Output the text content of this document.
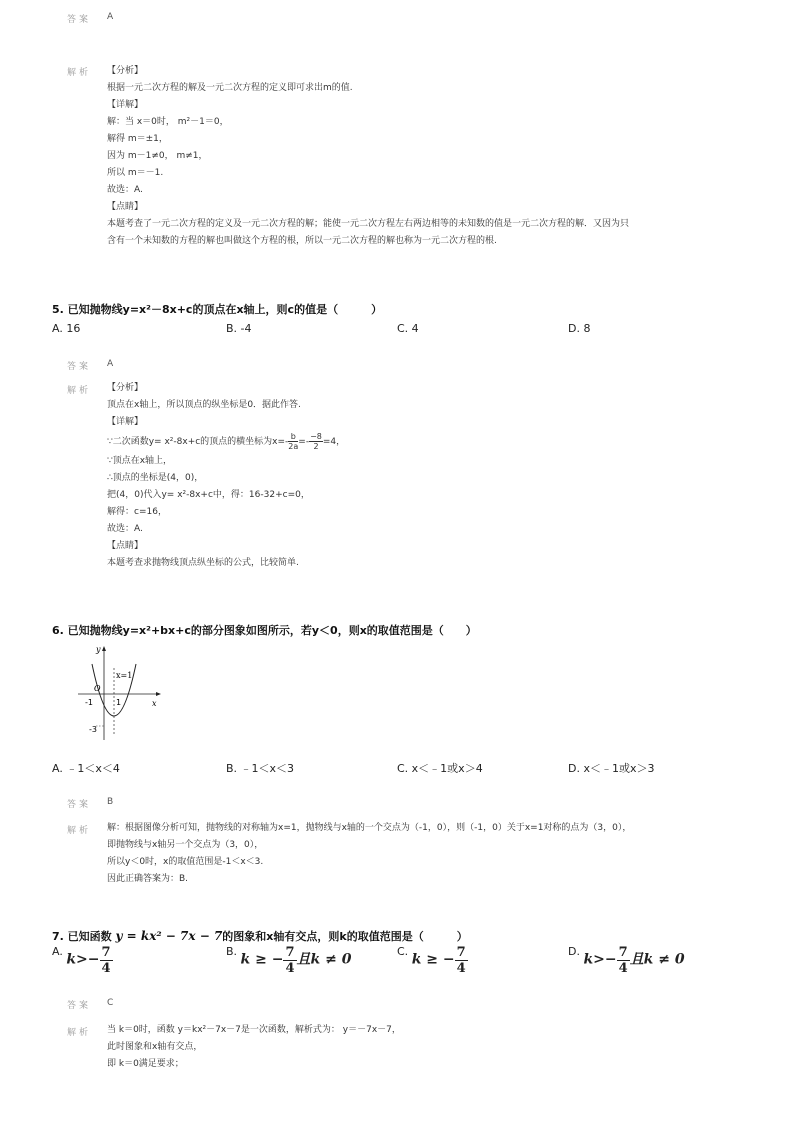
答案 A
解析 【分析】
根据一元二次方程的解及一元二次方程的定义即可求出m的值.
【详解】
解：当 x＝0时， m²－1＝0，
解得 m＝±1，
因为 m－1≠0， m≠1，
所以 m＝－1.
故选：A.
【点睛】
本题考查了一元二次方程的定义及一元二次方程的解；能使一元二次方程左右两边相等的未知数的值是一元二次方程的解．又因为只
含有一个未知数的方程的解也叫做这个方程的根，所以一元二次方程的解也称为一元二次方程的根.
5. 已知抛物线y=x²－8x+c的顶点在x轴上，则c的值是（　　　）
A. 16	B. -4	C. 4	D. 8
答案 A
解析 【分析】
顶点在x轴上，所以顶点的纵坐标是0．据此作答.
【详解】
∵二次函数y= x²-8x+c的顶点的横坐标为$x=- \frac{b}{2a} =- \frac{-8}{2} =4$，
∵顶点在x轴上，
∴顶点的坐标是(4，0)，
把(4，0)代入y= x²-8x+c中，得：16-32+c=0，
解得：c=16，
故选：A.
【点睛】
本题考查求抛物线顶点纵坐标的公式，比较简单.
6. 已知抛物线y=x²+bx+c的部分图象如图所示，若y＜0，则x的取值范围是（　　）
y
x
O
x=1
-1	1
-3
A. ﹣1＜x＜4	B. ﹣1＜x＜3	C. x＜﹣1或x＞4	D. x＜﹣1或x＞3
答案 B
解析 解：根据图像分析可知，抛物线的对称轴为x=1，抛物线与x轴的一个交点为（-1，0），则（-1，0）关于x=1对称的点为（3，0），
即抛物线与x轴另一个交点为（3，0），
所以y＜0时，x的取值范围是-1＜x＜3.
因此正确答案为：B.
7. 已知函数 y = kx² − 7x − 7的图象和x轴有交点，则k的取值范围是（　　　）
A. $k>- \frac{7}{4}$	B. k ≥ − $\frac{7}{4}$且k ≠ 0	C. k ≥ − $\frac{7}{4}$	D. $k>- \frac{7}{4}$且k ≠ 0
答案 C
解析 当 k＝0时，函数 y＝kx²－7x－7是一次函数，解析式为： y＝－7x－7，
此时图象和x轴有交点，
即 k＝0满足要求；
